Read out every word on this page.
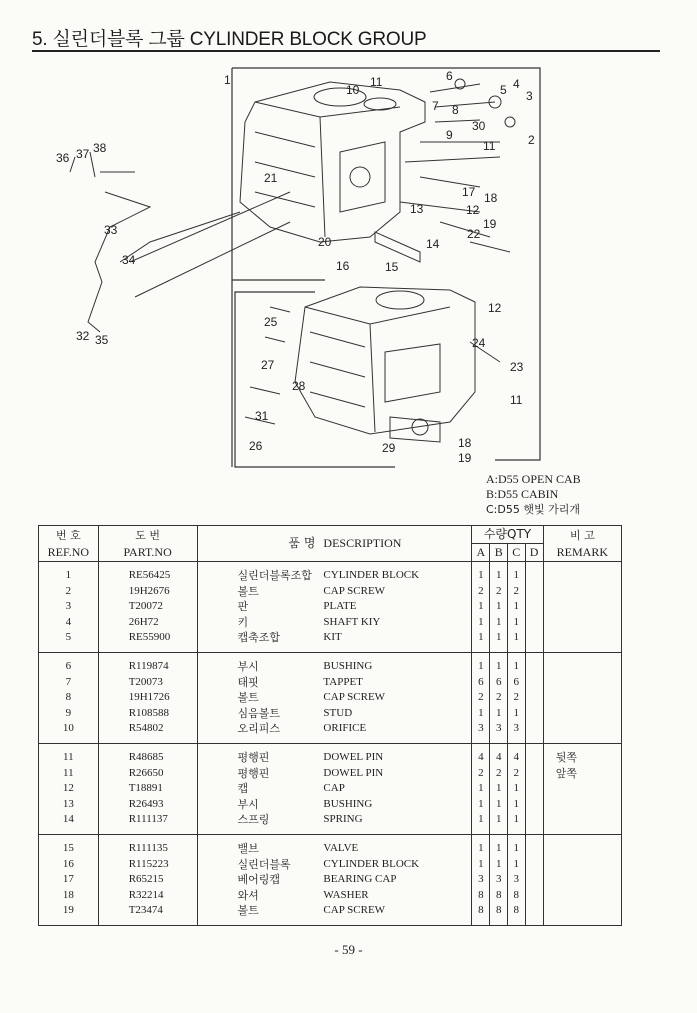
5. 실린더블록 그룹 CYLINDER BLOCK GROUP
1	11
10
6
5 4
3
7 8
9
30
2
11
36 37 38
21
17 18
13	12
19
22
33
20	14
34	16	15
12
25
24
27	23
32 35
28
11
31
26	29	18
19
A:D55 OPEN CAB
B:D55 CABIN
C:D55 햇빛 가리개
번 호
REF.NO	도 번
PART.NO	품 명	DESCRIPTION	수량QTY				비 고
REMARK
				A	B	C	D	
1	RE56425	실린더블록조합	CYLINDER BLOCK	1	1	1		
2	19H2676	볼트	CAP SCREW	2	2	2		
3	T20072	판	PLATE	1	1	1		
4	26H72	키	SHAFT KIY	1	1	1		
5	RE55900	캡축조합	KIT	1	1	1		
6	R119874	부시	BUSHING	1	1	1		
7	T20073	태핏	TAPPET	6	6	6		
8	19H1726	볼트	CAP SCREW	2	2	2		
9	R108588	심음볼트	STUD	1	1	1		
10	R54802	오리피스	ORIFICE	3	3	3		
11	R48685	평행핀	DOWEL PIN	4	4	4		뒷쪽
11	R26650	평행핀	DOWEL PIN	2	2	2		앞쪽
12	T18891	캡	CAP	1	1	1		
13	R26493	부시	BUSHING	1	1	1		
14	R111137	스프링	SPRING	1	1	1		
15	R111135	밸브	VALVE	1	1	1		
16	R115223	실린더블록	CYLINDER BLOCK	1	1	1		
17	R65215	베어링캡	BEARING CAP	3	3	3		
18	R32214	와셔	WASHER	8	8	8		
19	T23474	볼트	CAP SCREW	8	8	8		
- 59 -
